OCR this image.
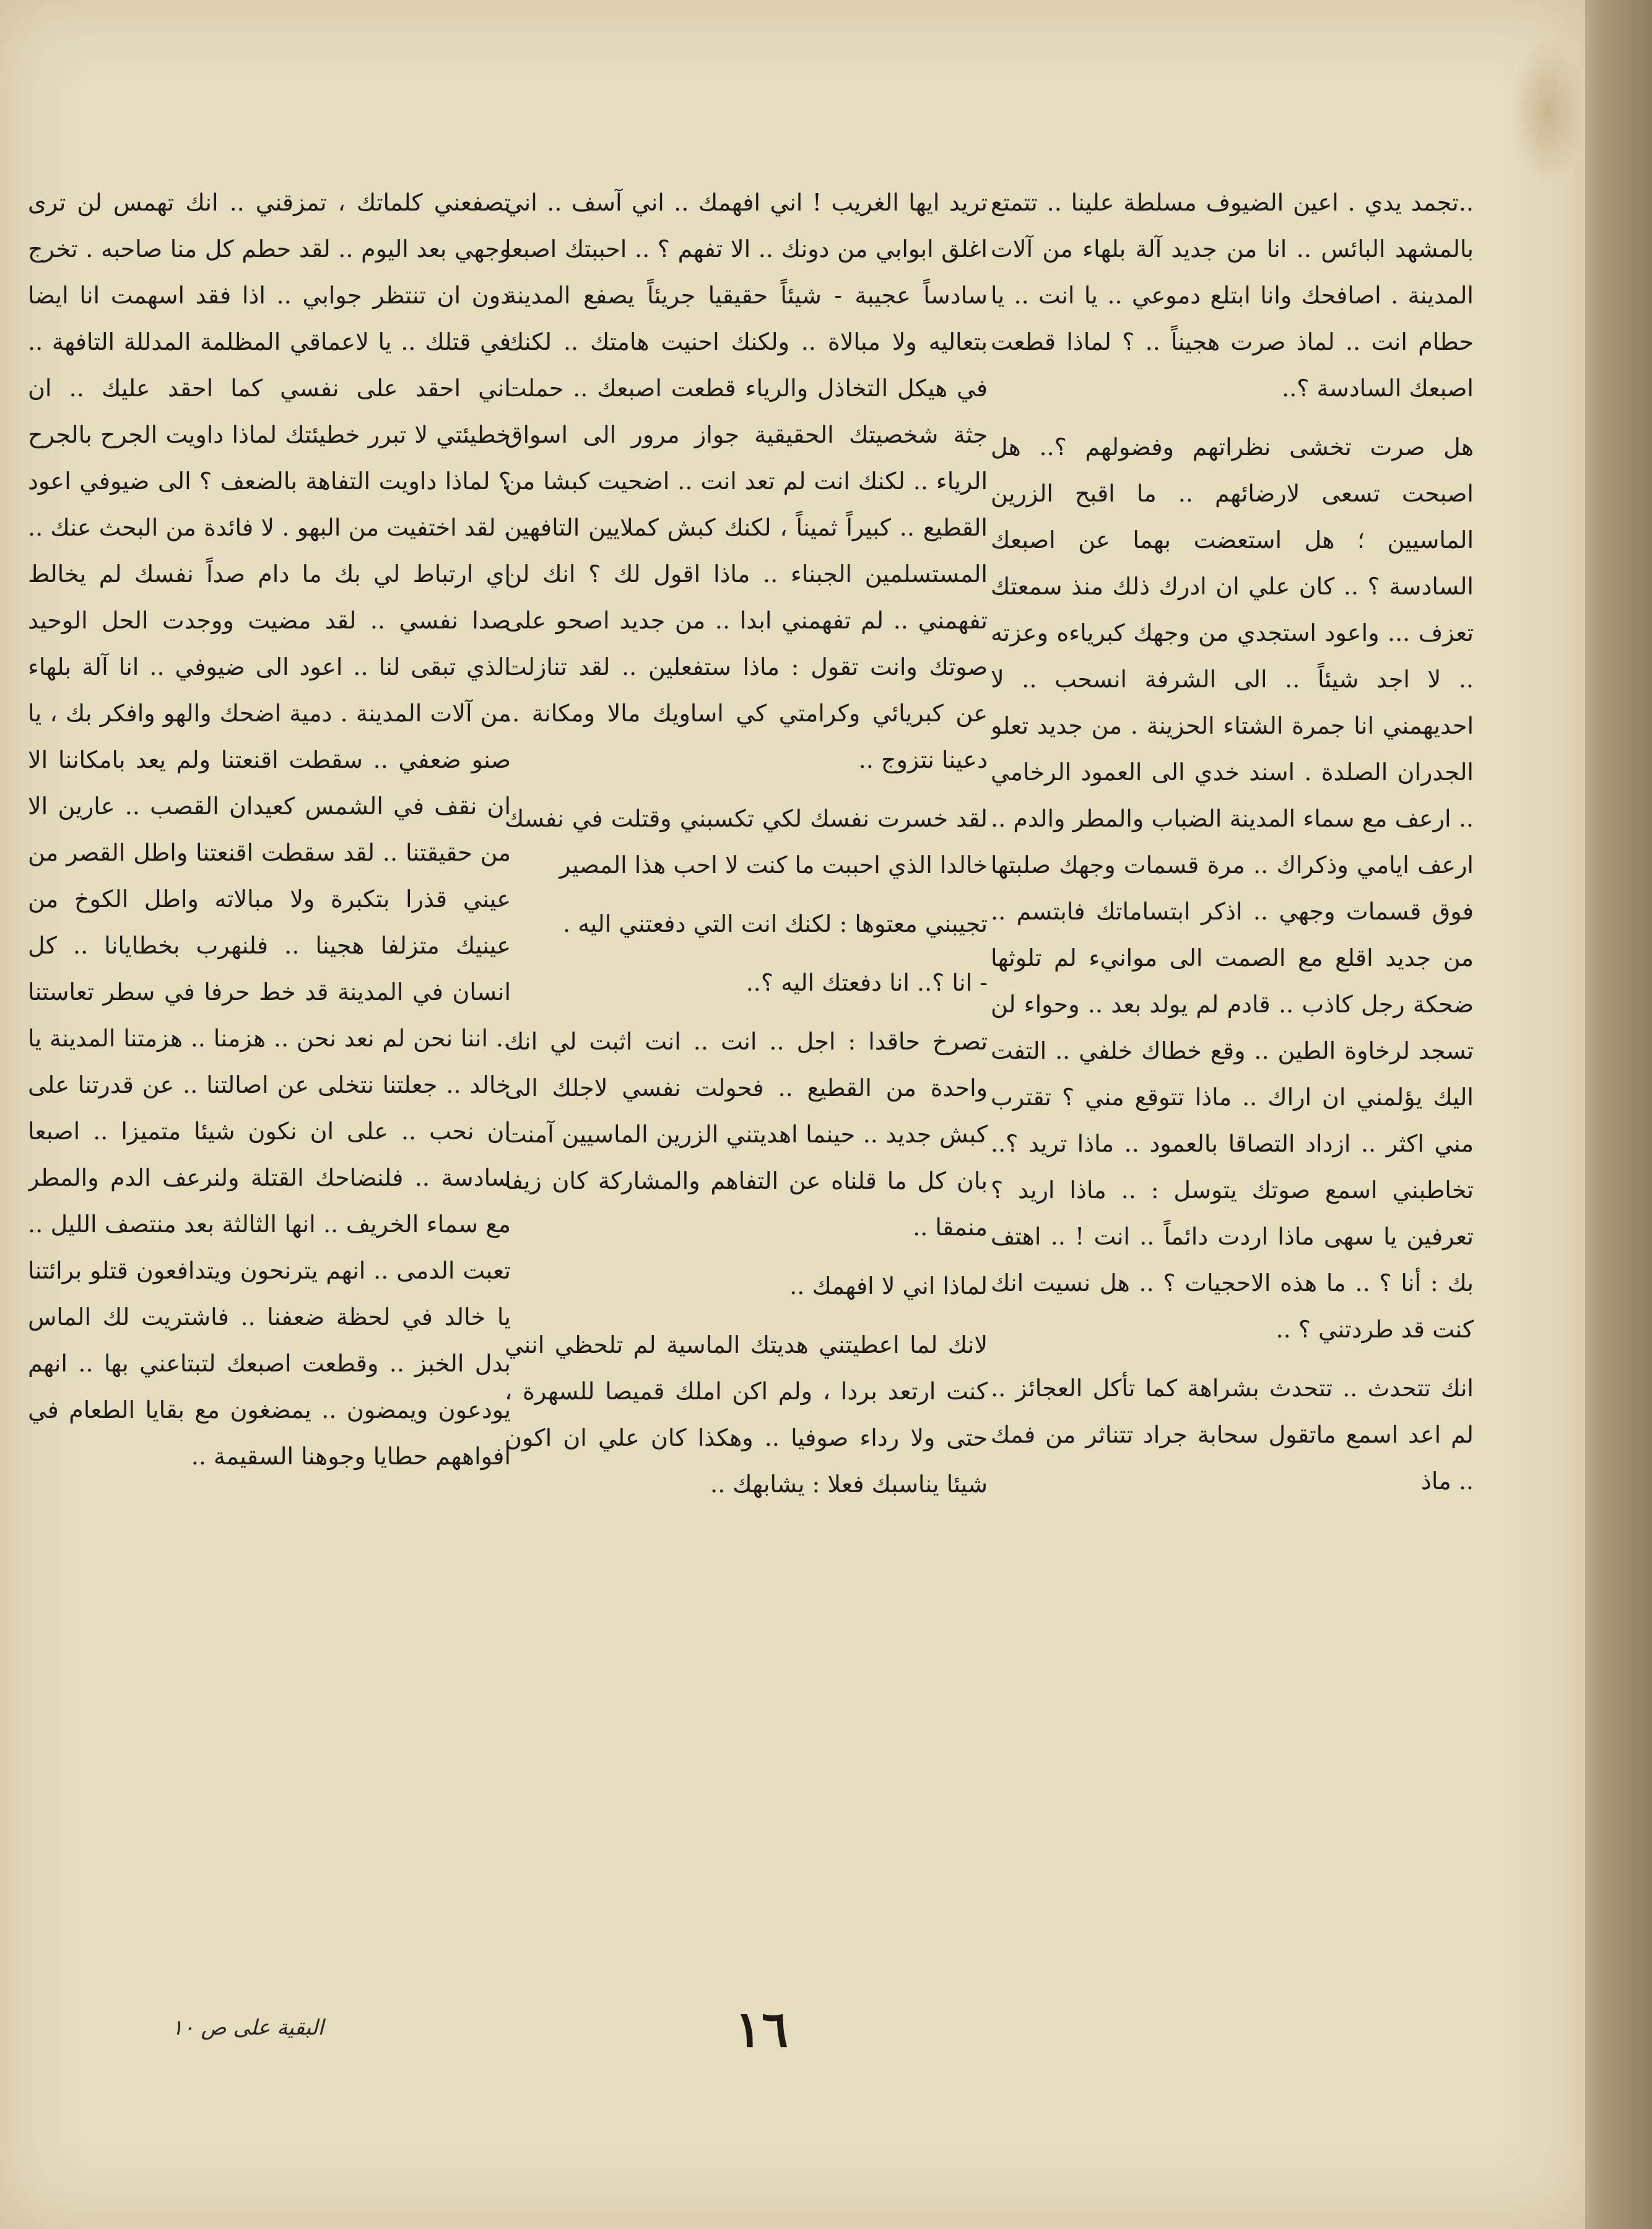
..تجمد يدي . اعين الضيوف مسلطة علينا .. تتمتع بالمشهد البائس .. انا من جديد آلة بلهاء من آلات المدينة . اصافحك وانا ابتلع دموعي .. يا انت .. يا حطام انت .. لماذ صرت هجيناً .. ؟ لماذا قطعت اصبعك السادسة ؟..

هل صرت تخشى نظراتهم وفضولهم ؟.. هل اصبحت تسعى لارضائهم .. ما اقبح الزرين الماسيين ؛ هل استعضت بهما عن اصبعك السادسة ؟ .. كان علي ان ادرك ذلك منذ سمعتك تعزف ... واعود استجدي من وجهك كبرياءه وعزته .. لا اجد شيئاً .. الى الشرفة انسحب .. لا احديهمني انا جمرة الشتاء الحزينة . من جديد تعلو الجدران الصلدة . اسند خدي الى العمود الرخامي .. ارعف مع سماء المدينة الضباب والمطر والدم .. ارعف ايامي وذكراك .. مرة قسمات وجهك صلبتها فوق قسمات وجهي .. اذكر ابتساماتك فابتسم .. من جديد اقلع مع الصمت الى موانيء لم تلوثها ضحكة رجل كاذب .. قادم لم يولد بعد .. وحواء لن تسجد لرخاوة الطين .. وقع خطاك خلفي .. التفت اليك يؤلمني ان اراك .. ماذا تتوقع مني ؟ تقترب مني اكثر .. ازداد التصاقا بالعمود .. ماذا تريد ؟.. تخاطبني اسمع صوتك يتوسل : .. ماذا اريد ؟ تعرفين يا سهى ماذا اردت دائماً .. انت ! .. اهتف بك : أنا ؟ .. ما هذه الاحجيات ؟ .. هل نسيت انك كنت قد طردتني ؟ ..

انك تتحدث .. تتحدث بشراهة كما تأكل العجائز .. لم اعد اسمع ماتقول سحابة جراد تتناثر من فمك .. ماذ

تريد ايها الغريب ! اني افهمك .. اني آسف .. اني اغلق ابوابي من دونك .. الا تفهم ؟ .. احببتك اصبعا سادساً عجيبة - شيئاً حقيقيا جريئاً يصفع المدينة بتعاليه ولا مبالاة .. ولكنك احنيت هامتك .. لكنك في هيكل التخاذل والرياء قطعت اصبعك .. حملت جثة شخصيتك الحقيقية جواز مرور الى اسواق الرياء .. لكنك انت لم تعد انت .. اضحيت كبشا من القطيع .. كبيراً ثميناً ، لكنك كبش كملايين التافهين المستسلمين الجبناء .. ماذا اقول لك ؟ انك لن تفهمني .. لم تفهمني ابدا .. من جديد اصحو على صوتك وانت تقول : ماذا ستفعلين .. لقد تنازلت عن كبريائي وكرامتي كي اساويك مالا ومكانة .. دعينا نتزوج ..

لقد خسرت نفسك لكي تكسبني وقتلت في نفسك خالدا الذي احببت ما كنت لا احب هذا المصير

تجيبني معتوها : لكنك انت التي دفعتني اليه .

- انا ؟.. انا دفعتك اليه ؟..

تصرخ حاقدا : اجل .. انت .. انت اثبت لي انك واحدة من القطيع .. فحولت نفسي لاجلك الى كبش جديد .. حينما اهديتني الزرين الماسيين آمنت بان كل ما قلناه عن التفاهم والمشاركة كان زيفا منمقا ..

لماذا اني لا افهمك ..

لانك لما اعطيتني هديتك الماسية لم تلحظي انني كنت ارتعد بردا ، ولم اكن املك قميصا للسهرة ، حتى ولا رداء صوفيا .. وهكذا كان علي ان اكون شيئا يناسبك فعلا : يشابهك ..

تصفعني كلماتك ، تمزقني .. انك تهمس لن ترى وجهي بعد اليوم .. لقد حطم كل منا صاحبه . تخرج دون ان تنتظر جوابي .. اذا فقد اسهمت انا ايضا في قتلك .. يا لاعماقي المظلمة المدللة التافهة .. اني احقد على نفسي كما احقد عليك .. ان خطيئتي لا تبرر خطيئتك لماذا داويت الجرح بالجرح ؟ لماذا داويت التفاهة بالضعف ؟ الى ضيوفي اعود . لقد اختفيت من البهو . لا فائدة من البحث عنك .. اي ارتباط لي بك ما دام صداً نفسك لم يخالط صدا نفسي .. لقد مضيت ووجدت الحل الوحيد الذي تبقى لنا .. اعود الى ضيوفي .. انا آلة بلهاء من آلات المدينة . دمية اضحك والهو وافكر بك ، يا صنو ضعفي .. سقطت اقنعتنا ولم يعد بامكاننا الا ان نقف في الشمس كعيدان القصب .. عارين الا من حقيقتنا .. لقد سقطت اقنعتنا واطل القصر من عيني قذرا بتكبرة ولا مبالاته واطل الكوخ من عينيك متزلفا هجينا .. فلنهرب بخطايانا .. كل انسان في المدينة قد خط حرفا في سطر تعاستنا .. اننا نحن لم نعد نحن .. هزمنا .. هزمتنا المدينة يا خالد .. جعلتنا نتخلى عن اصالتنا .. عن قدرتنا على ان نحب .. على ان نكون شيئا متميزا .. اصبعا سادسة .. فلنضاحك القتلة ولنرعف الدم والمطر مع سماء الخريف .. انها الثالثة بعد منتصف الليل .. تعبت الدمى .. انهم يترنحون ويتدافعون قتلو برائتنا يا خالد في لحظة ضعفنا .. فاشتريت لك الماس بدل الخبز .. وقطعت اصبعك لتبتاعني بها .. انهم يودعون ويمضون .. يمضغون مع بقايا الطعام في افواههم حطايا وجوهنا السقيمة ..

١٦
البقية على ص ١٠
